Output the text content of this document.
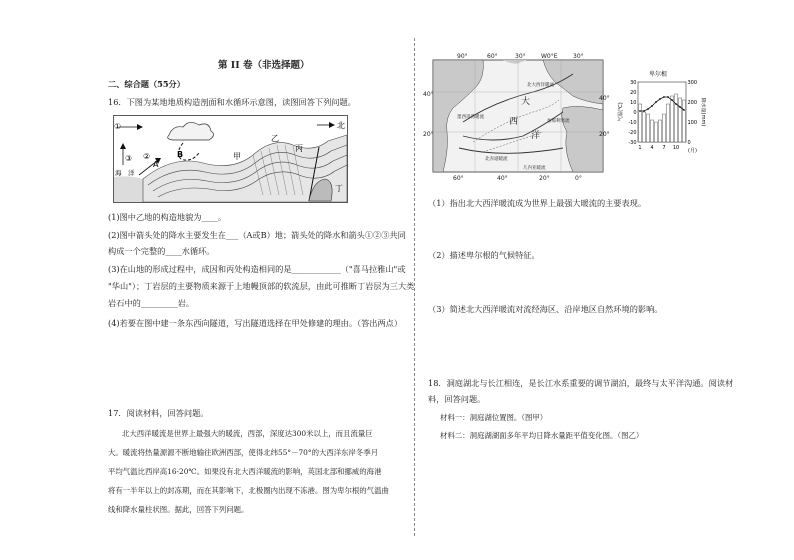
第 II 卷（非选择题）
二、综合题（55分）
16．下图为某地地质构造剖面和水循环示意图，读图回答下列问题。
北
①
③ ②
海　洋
A
B	甲
乙
丙
丁
(1)图中乙地的构造地貌为____。
(2)图中箭头处的降水主要发生在___（A或B）地；箭头处的降水和箭头①②③共同
构成一个完整的____水循环。
(3)在山地的形成过程中，成因和丙处构造相同的是____________（"喜马拉雅山"或
"华山"）；丁岩层的主要物质来源于上地幔顶部的软流层，由此可推断丁岩层为三大类
岩石中的_________岩。
(4)若要在图中建一条东西向隧道，写出隧道选择在甲处修建的理由。（答出两点）
17．阅读材料，回答问题。
北大西洋暖流是世界上最强大的暖流，西部，深度达300米以上，而且流量巨
大。暖流将热量源源不断地输往欧洲西部，使得北纬55°－70°的大西洋东岸冬季月
平均气温比西岸高16-20℃。如果没有北大西洋暖流的影响，英国北部和挪威的海港
将有一半年以上的封冻期，而在其影响下，北极圈内出现不冻港。图为卑尔根的气温曲
线和降水量柱状图。据此，回答下列问题。
90°	60°	30°	W0°E	30°
40°
20°
40°
20°
60°	40°	20°	0°
大
西
洋
北大西洋暖流
北赤道暖流
墨西哥湾暖流
加那利寒流
几内亚暖流
卑尔根
30
20
10
0
-10
-20
-30
300
200
100
0
1 4 7 10
气温(℃)	降水量(mm)
(月)
（1）指出北大西洋暖流成为世界上最强大暖流的主要表现。
（2）描述卑尔根的气候特征。
（3）简述北大西洋暖流对流经海区、沿岸地区自然环境的影响。
18．洞庭湖北与长江相连，是长江水系重要的调节湖泊，最终与太平洋沟通。阅读材
料，回答问题。
材料一：洞庭湖位置图。（图甲）
材料二：洞庭湖湖面多年平均日降水量距平值变化图。（图乙）
